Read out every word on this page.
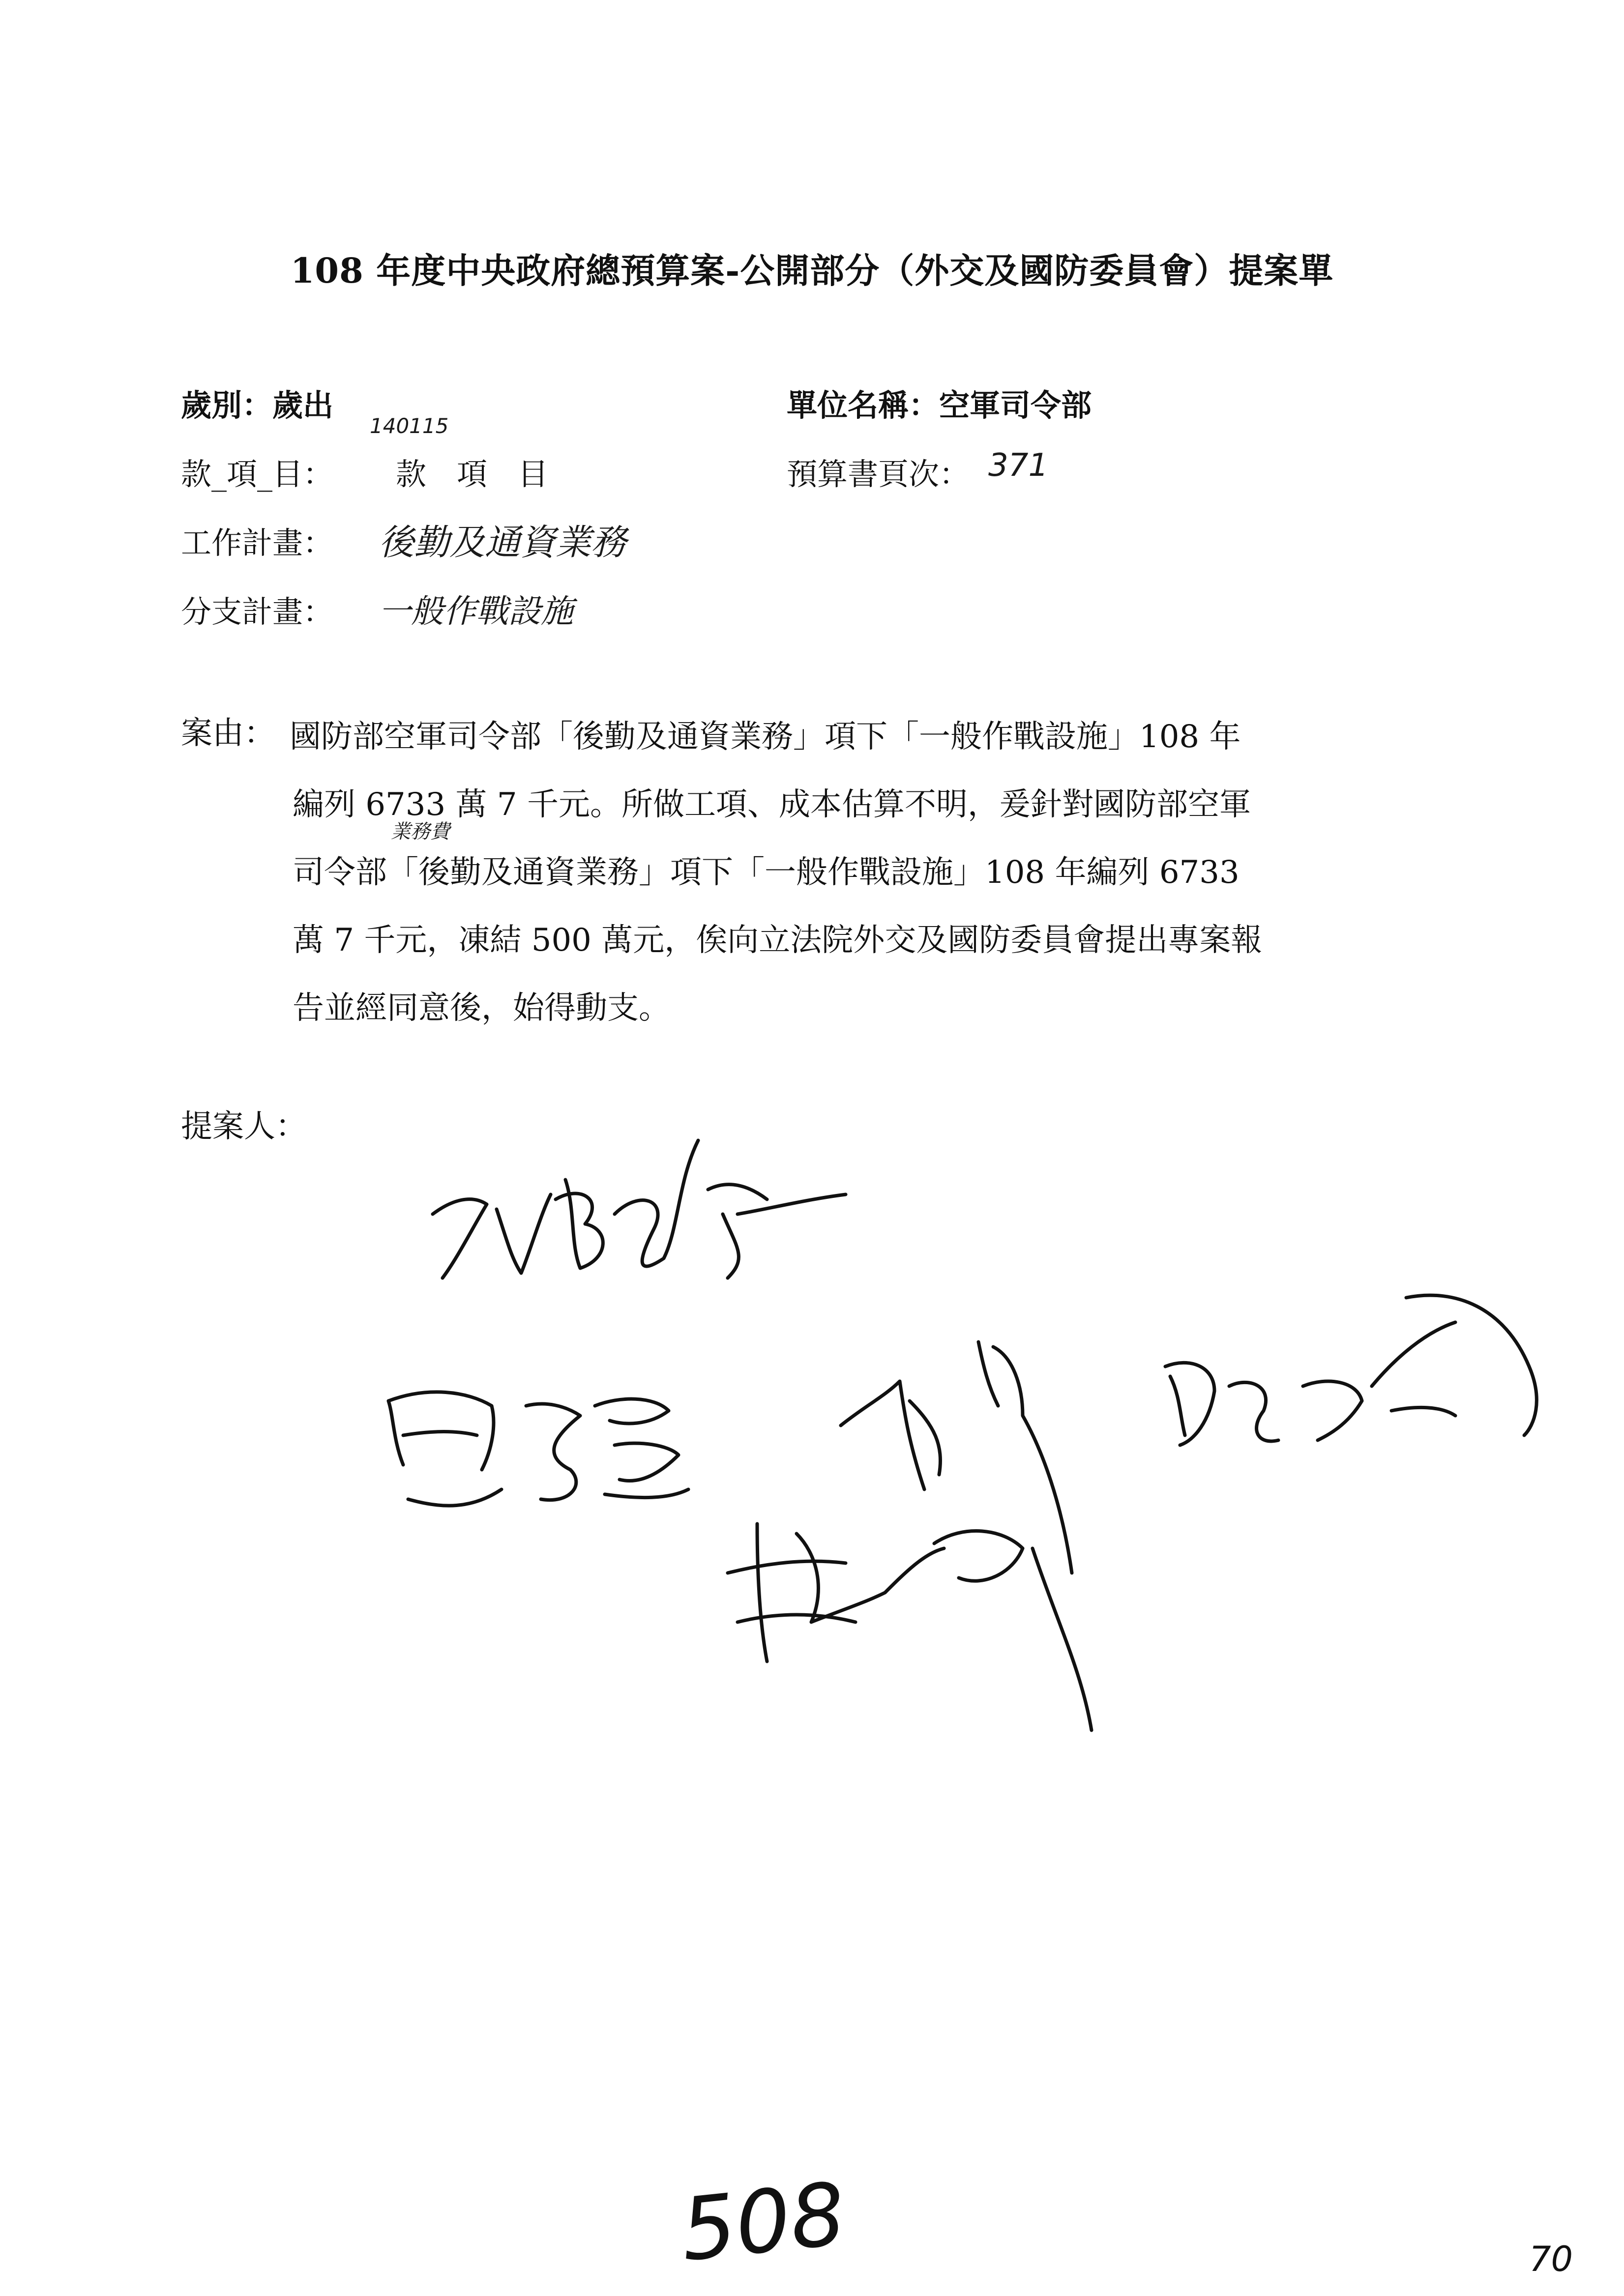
108 年度中央政府總預算案-公開部分（外交及國防委員會）提案單
歲別：歲出
140115
單位名稱：空軍司令部
款_項_目： 款　項　目	預算書頁次： 371
工作計畫： 後勤及通資業務
分支計畫： 一般作戰設施
案由： 國防部空軍司令部「後勤及通資業務」項下「一般作戰設施」108 年
編列 6733 萬 7 千元。所做工項、成本估算不明，爰針對國防部空軍
司令部「後勤及通資業務」項下「一般作戰設施」108 年編列 6733
萬 7 千元，凍結 500 萬元，俟向立法院外交及國防委員會提出專案報
告並經同意後，始得動支。
業務費
提案人：
508	70
